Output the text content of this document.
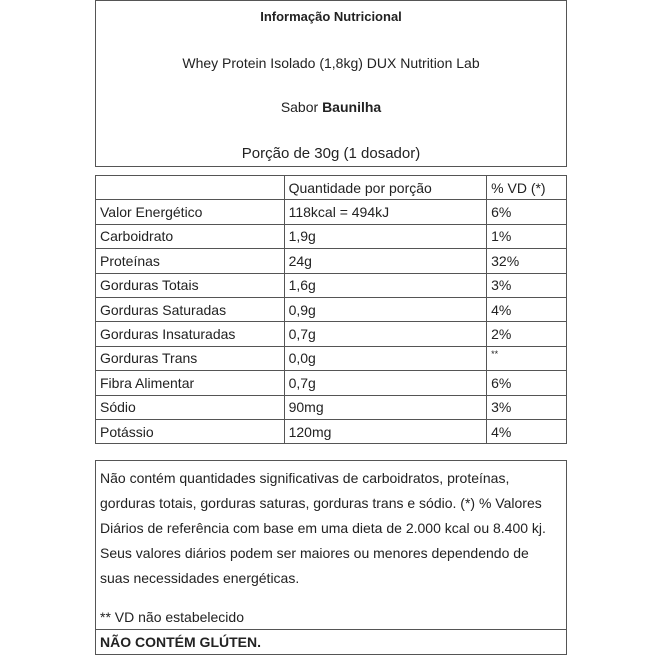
Informação Nutricional
Whey Protein Isolado (1,8kg) DUX Nutrition Lab
Sabor Baunilha
Porção de 30g (1 dosador)
	Quantidade por porção	% VD (*)
Valor Energético	118kcal = 494kJ	6%
Carboidrato	1,9g	1%
Proteínas	24g	32%
Gorduras Totais	1,6g	3%
Gorduras Saturadas	0,9g	4%
Gorduras Insaturadas	0,7g	2%
Gorduras Trans	0,0g	**
Fibra Alimentar	0,7g	6%
Sódio	90mg	3%
Potássio	120mg	4%
Não contém quantidades significativas de carboidratos, proteínas, gorduras totais, gorduras saturas, gorduras trans e sódio. (*) % Valores Diários de referência com base em uma dieta de 2.000 kcal ou 8.400 kj. Seus valores diários podem ser maiores ou menores dependendo de suas necessidades energéticas.
** VD não estabelecido
NÃO CONTÉM GLÚTEN.
